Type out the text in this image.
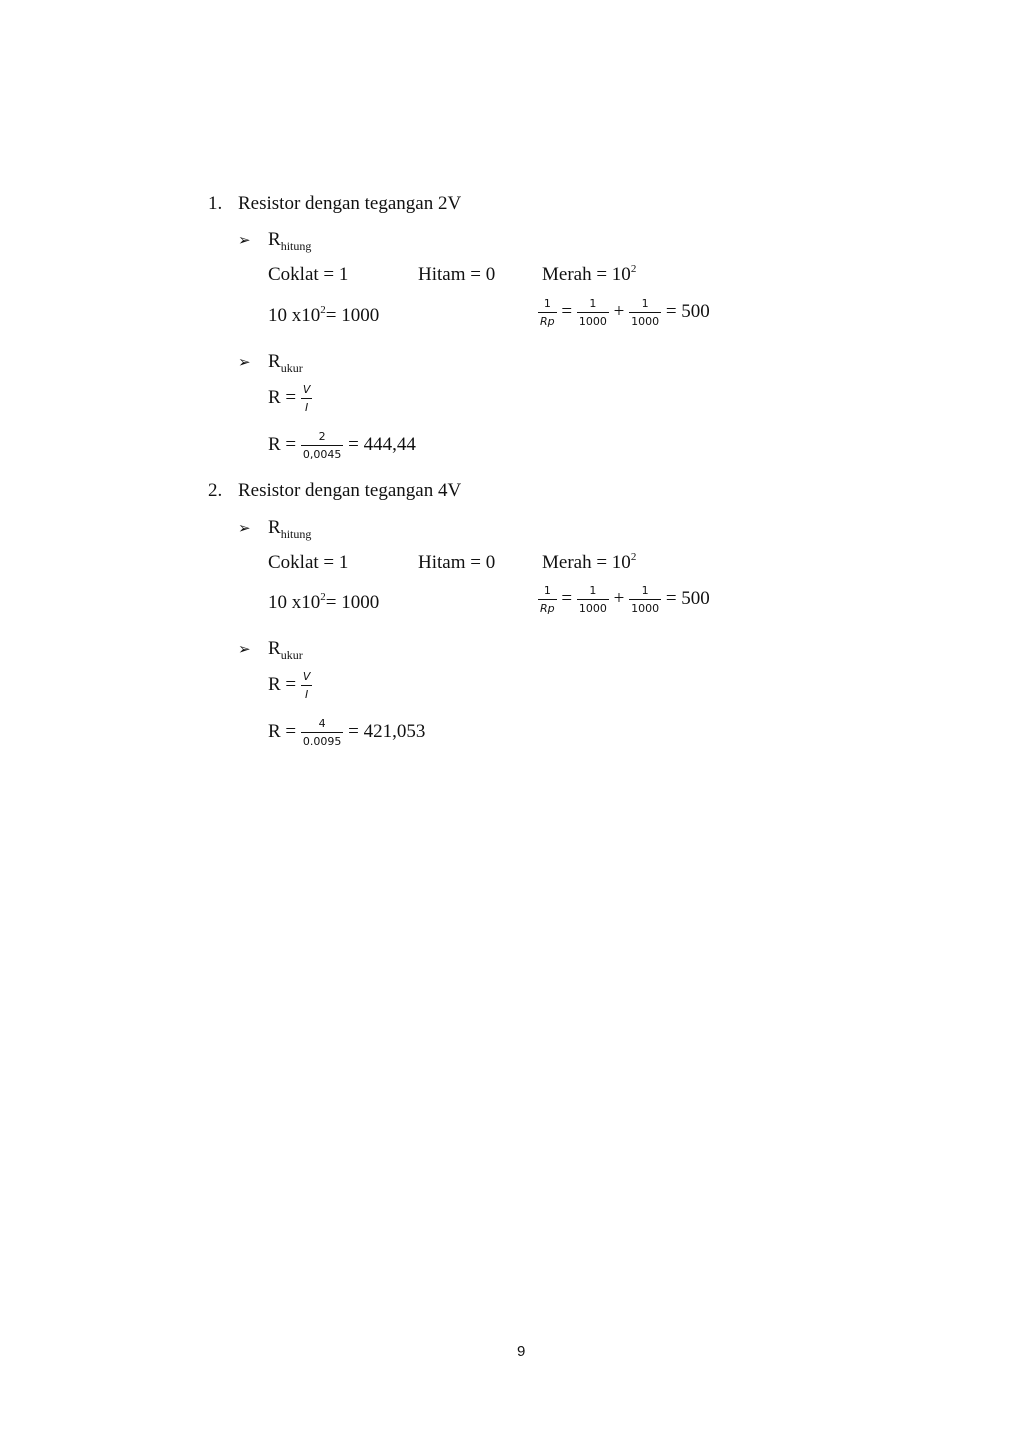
1. Resistor dengan tegangan 2V
➢ $R_{hitung}$
Coklat = 1	Hitam = 0 Merah = $10^2$
10 $x10^2= 1000$	$\frac{1}{Rp} = \frac{1}{1000} + \frac{1}{1000} = 500$
➢ $R_{ukur}$
$R = \frac{V}{I}$
$R = \frac{2}{0,0045} = 444,44$
2. Resistor dengan tegangan 4V
➢ $R_{hitung}$
Coklat = 1	Hitam = 0 Merah = $10^2$
10 $x10^2= 1000$	$\frac{1}{Rp} = \frac{1}{1000} + \frac{1}{1000} = 500$
➢ $R_{ukur}$
$R = \frac{V}{I}$
$R = \frac{4}{0.0095} = 421,053$
9
